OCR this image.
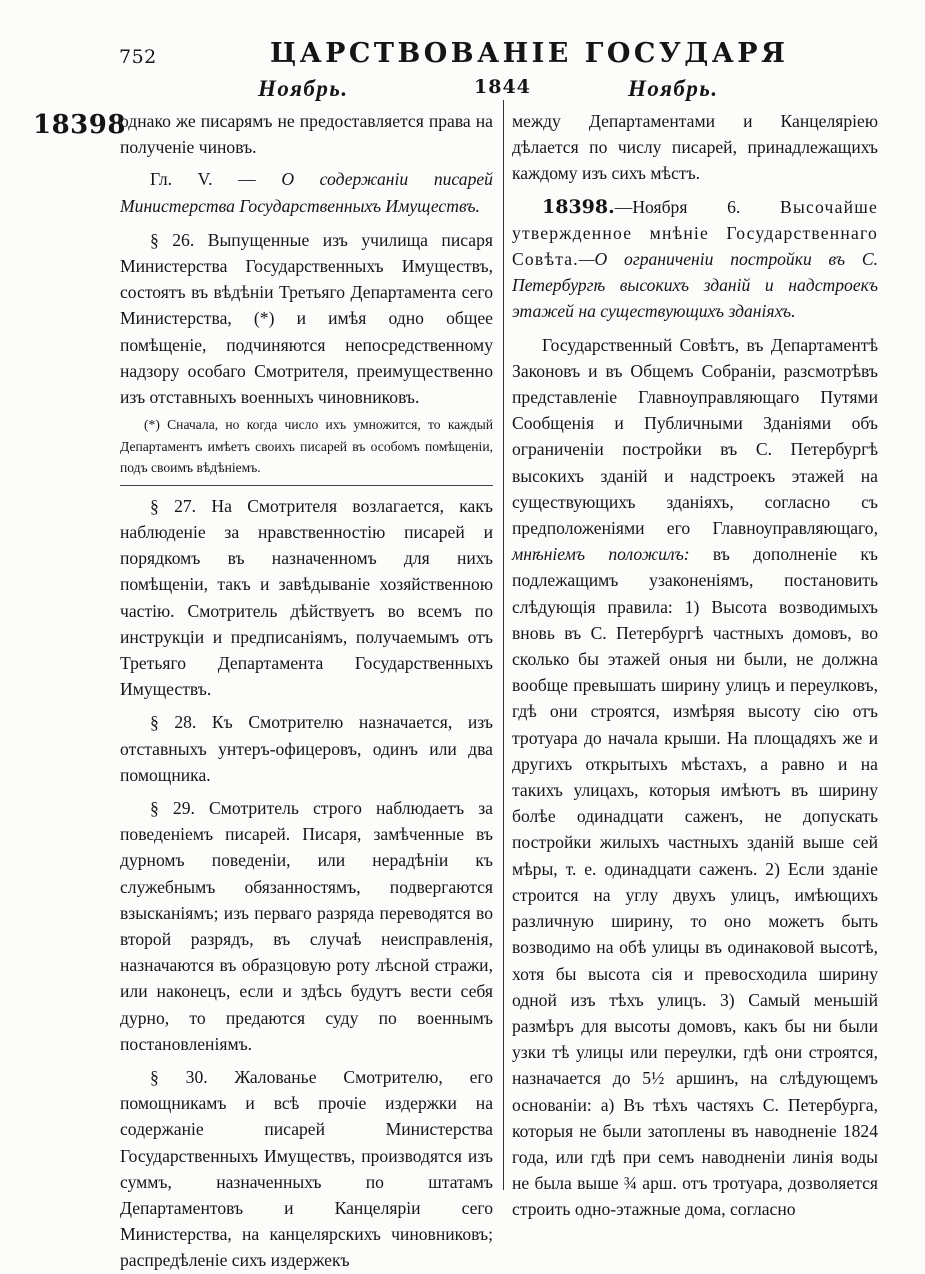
752	ЦАРСТВОВАНІЕ ГОСУДАРЯ
Ноябрь.	1844	Ноябрь.
18398

однако же писарямъ не предоставляется права на полученіе чиновъ.

Гл. V. — О содержаніи писарей Министерства Государственныхъ Имуществъ.

§ 26. Выпущенные изъ училища писаря Министерства Государственныхъ Имуществъ, состоятъ въ вѣдѣніи Третьяго Департамента сего Министерства, (*) и имѣя одно общее помѣщеніе, подчиняются непосредственному надзору особаго Смотрителя, преимущественно изъ отставныхъ военныхъ чиновниковъ.

(*) Сначала, но когда число ихъ умножится, то каждый Департаментъ имѣетъ своихъ писарей въ особомъ помѣщеніи, подъ своимъ вѣдѣніемъ.

§ 27. На Смотрителя возлагается, какъ наблюденіе за нравственностію писарей и порядкомъ въ назначенномъ для нихъ помѣщеніи, такъ и завѣдываніе хозяйственною частію. Смотритель дѣйствуетъ во всемъ по инструкціи и предписаніямъ, получаемымъ отъ Третьяго Департамента Государственныхъ Имуществъ.

§ 28. Къ Смотрителю назначается, изъ отставныхъ унтеръ-офицеровъ, одинъ или два помощника.

§ 29. Смотритель строго наблюдаетъ за поведеніемъ писарей. Писаря, замѣченные въ дурномъ поведеніи, или нерадѣніи къ служебнымъ обязанностямъ, подвергаются взысканіямъ; изъ перваго разряда переводятся во второй разрядъ, въ случаѣ неисправленія, назначаются въ образцовую роту лѣсной стражи, или наконецъ, если и здѣсь будутъ вести себя дурно, то предаются суду по военнымъ постановленіямъ.

§ 30. Жалованье Смотрителю, его помощникамъ и всѣ прочіе издержки на содержаніе писарей Министерства Государственныхъ Имуществъ, производятся изъ суммъ, назначенныхъ по штатамъ Департаментовъ и Канцеляріи сего Министерства, на канцелярскихъ чиновниковъ; распредѣленіе сихъ издержекъ

между Департаментами и Канцеляріею дѣлается по числу писарей, принадлежащихъ каждому изъ сихъ мѣстъ.

18398.—Ноября 6. Высочайше утвержденное мнѣніе Государственнаго Совѣта.—О ограниченіи постройки въ С. Петербургѣ высокихъ зданій и надстроекъ этажей на существующихъ зданіяхъ.

Государственный Совѣтъ, въ Департаментѣ Законовъ и въ Общемъ Собраніи, разсмотрѣвъ представленіе Главноуправляющаго Путями Сообщенія и Публичными Зданіями объ ограниченіи постройки въ С. Петербургѣ высокихъ зданій и надстроекъ этажей на существующихъ зданіяхъ, согласно съ предположеніями его Главноуправляющаго, мнѣніемъ положилъ: въ дополненіе къ подлежащимъ узаконеніямъ, постановить слѣдующія правила: 1) Высота возводимыхъ вновь въ С. Петербургѣ частныхъ домовъ, во сколько бы этажей оныя ни были, не должна вообще превышать ширину улицъ и переулковъ, гдѣ они строятся, измѣряя высоту сію отъ тротуара до начала крыши. На площадяхъ же и другихъ открытыхъ мѣстахъ, а равно и на такихъ улицахъ, которыя имѣютъ въ ширину болѣе одинадцати саженъ, не допускать постройки жилыхъ частныхъ зданій выше сей мѣры, т. е. одинадцати саженъ. 2) Если зданіе строится на углу двухъ улицъ, имѣющихъ различную ширину, то оно можетъ быть возводимо на обѣ улицы въ одинаковой высотѣ, хотя бы высота сія и превосходила ширину одной изъ тѣхъ улицъ. 3) Самый меньшій размѣръ для высоты домовъ, какъ бы ни были узки тѣ улицы или переулки, гдѣ они строятся, назначается до 5½ аршинъ, на слѣдующемъ основаніи: а) Въ тѣхъ частяхъ С. Петербурга, которыя не были затоплены въ наводненіе 1824 года, или гдѣ при семъ наводненіи линія воды не была выше ¾ арш. отъ тротуара, дозволяется строить одно-этажные дома, согласно
